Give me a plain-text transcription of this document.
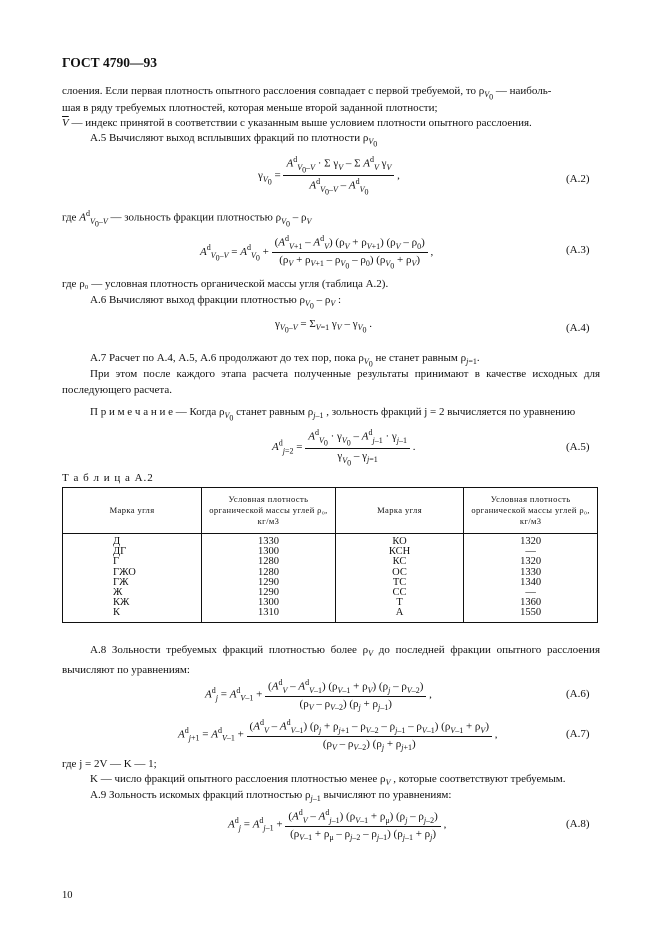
ГОСТ 4790—93
слоения. Если первая плотность опытного расслоения совпадает с первой требуемой, то $\rho_{V_0}$ — наиболь-
шая в ряду требуемых плотностей, которая меньше второй заданной плотности;
$\overline{V}$ — индекс принятой в соответствии с указанным выше условием плотности опытного расслоения.
А.5 Вычисляют выход всплывших фракций по плотности $\rho_{V_0}$
$\gamma_{V_0} = \frac{A^d_{V_0-V} \cdot \Sigma \gamma_V - \Sigma A^d_V \gamma_V}{A^d_{V_0-V} - A^d_{V_0}}$ ,	(А.2)
где $A^d_{V_0-V}$ — зольность фракции плотностью $\rho_{V_0} - \rho_V$
$A^d_{V_0-V} = A^d_{V_0} + \frac{(A^d_{V+1} - A^d_V) (\rho_V + \rho_{V+1}) (\rho_V - \rho_0)}{(\rho_V + \rho_{V+1} - \rho_{V_0} - \rho_0) (\rho_{V_0} + \rho_V)}$ ,	(А.3)
где ρ₀ — условная плотность органической массы угля (таблица А.2).
А.6 Вычисляют выход фракции плотностью $\rho_{V_0} - \rho_V$ :
$\gamma_{V_0-V} = \Sigma_{V=1}$ $\gamma_V - \gamma_{V_0}$ .	(А.4)
А.7 Расчет по А.4, А.5, А.6 продолжают до тех пор, пока $\rho_{V_0}$ не станет равным $\rho_{j=1}$.
При этом после каждого этапа расчета полученные результаты принимают в качестве исходных для последующего расчета.
П р и м е ч а н и е — Когда $\rho_{V_0}$ станет равным $\rho_{j-1}$ , зольность фракций j = 2 вычисляется по уравнению
$A^d_{j=2} = \frac{A^d_{V_0} \cdot \gamma_{V_0} - A^d_{j-1} \cdot \gamma_{j-1}}{\gamma_{V_0} - \gamma_{j=1}}$ .	(А.5)
Т а б л и ц а А.2
Марка угля	Условная плотность органической массы углей ρ₀, кг/м3	Марка угля	Условная плотность органической массы углей ρ₀, кг/м3
Д	1330	КО	1320
ДГ	1300	КСН	—
Г	1280	КС	1320
ГЖО	1280	ОС	1330
ГЖ	1290	ТС	1340
Ж	1290	СС	—
КЖ	1300	Т	1360
К	1310	А	1550
А.8 Зольности требуемых фракций плотностью более $\rho_V$ до последней фракции опытного расслоения вычисляют по уравнениям:
$A^d_j = A^d_{V-1} + \frac{(A^d_V - A^d_{V-1}) (\rho_{V-1} + \rho_V) (\rho_j - \rho_{V-2})}{(\rho_V - \rho_{V-2}) (\rho_j + \rho_{j-1})}$ ,	(А.6)
$A^d_{j+1} = A^d_{V-1} + \frac{(A^d_V - A^d_{V-1}) (\rho_j + \rho_{j+1} - \rho_{V-2} - \rho_{j-1} - \rho_{V-1}) (\rho_{V-1} + \rho_V)}{(\rho_V - \rho_{V-2}) (\rho_j + \rho_{j+1})}$ ,	(А.7)
где j = 2V — K — 1;
K — число фракций опытного расслоения плотностью менее $\rho_V$ , которые соответствуют требуемым.
А.9 Зольность искомых фракций плотностью $\rho_{j-1}$ вычисляют по уравнениям:
$A^d_j = A^d_{j-1} + \frac{(A^d_V - A^d_{j-1}) (\rho_{V-1} + \rho_\mu) (\rho_j - \rho_{j-2})}{(\rho_{V-1} + \rho_\mu - \rho_{j-2} - \rho_{j-1}) (\rho_{j-1} + \rho_j)}$ ,	(А.8)
10
